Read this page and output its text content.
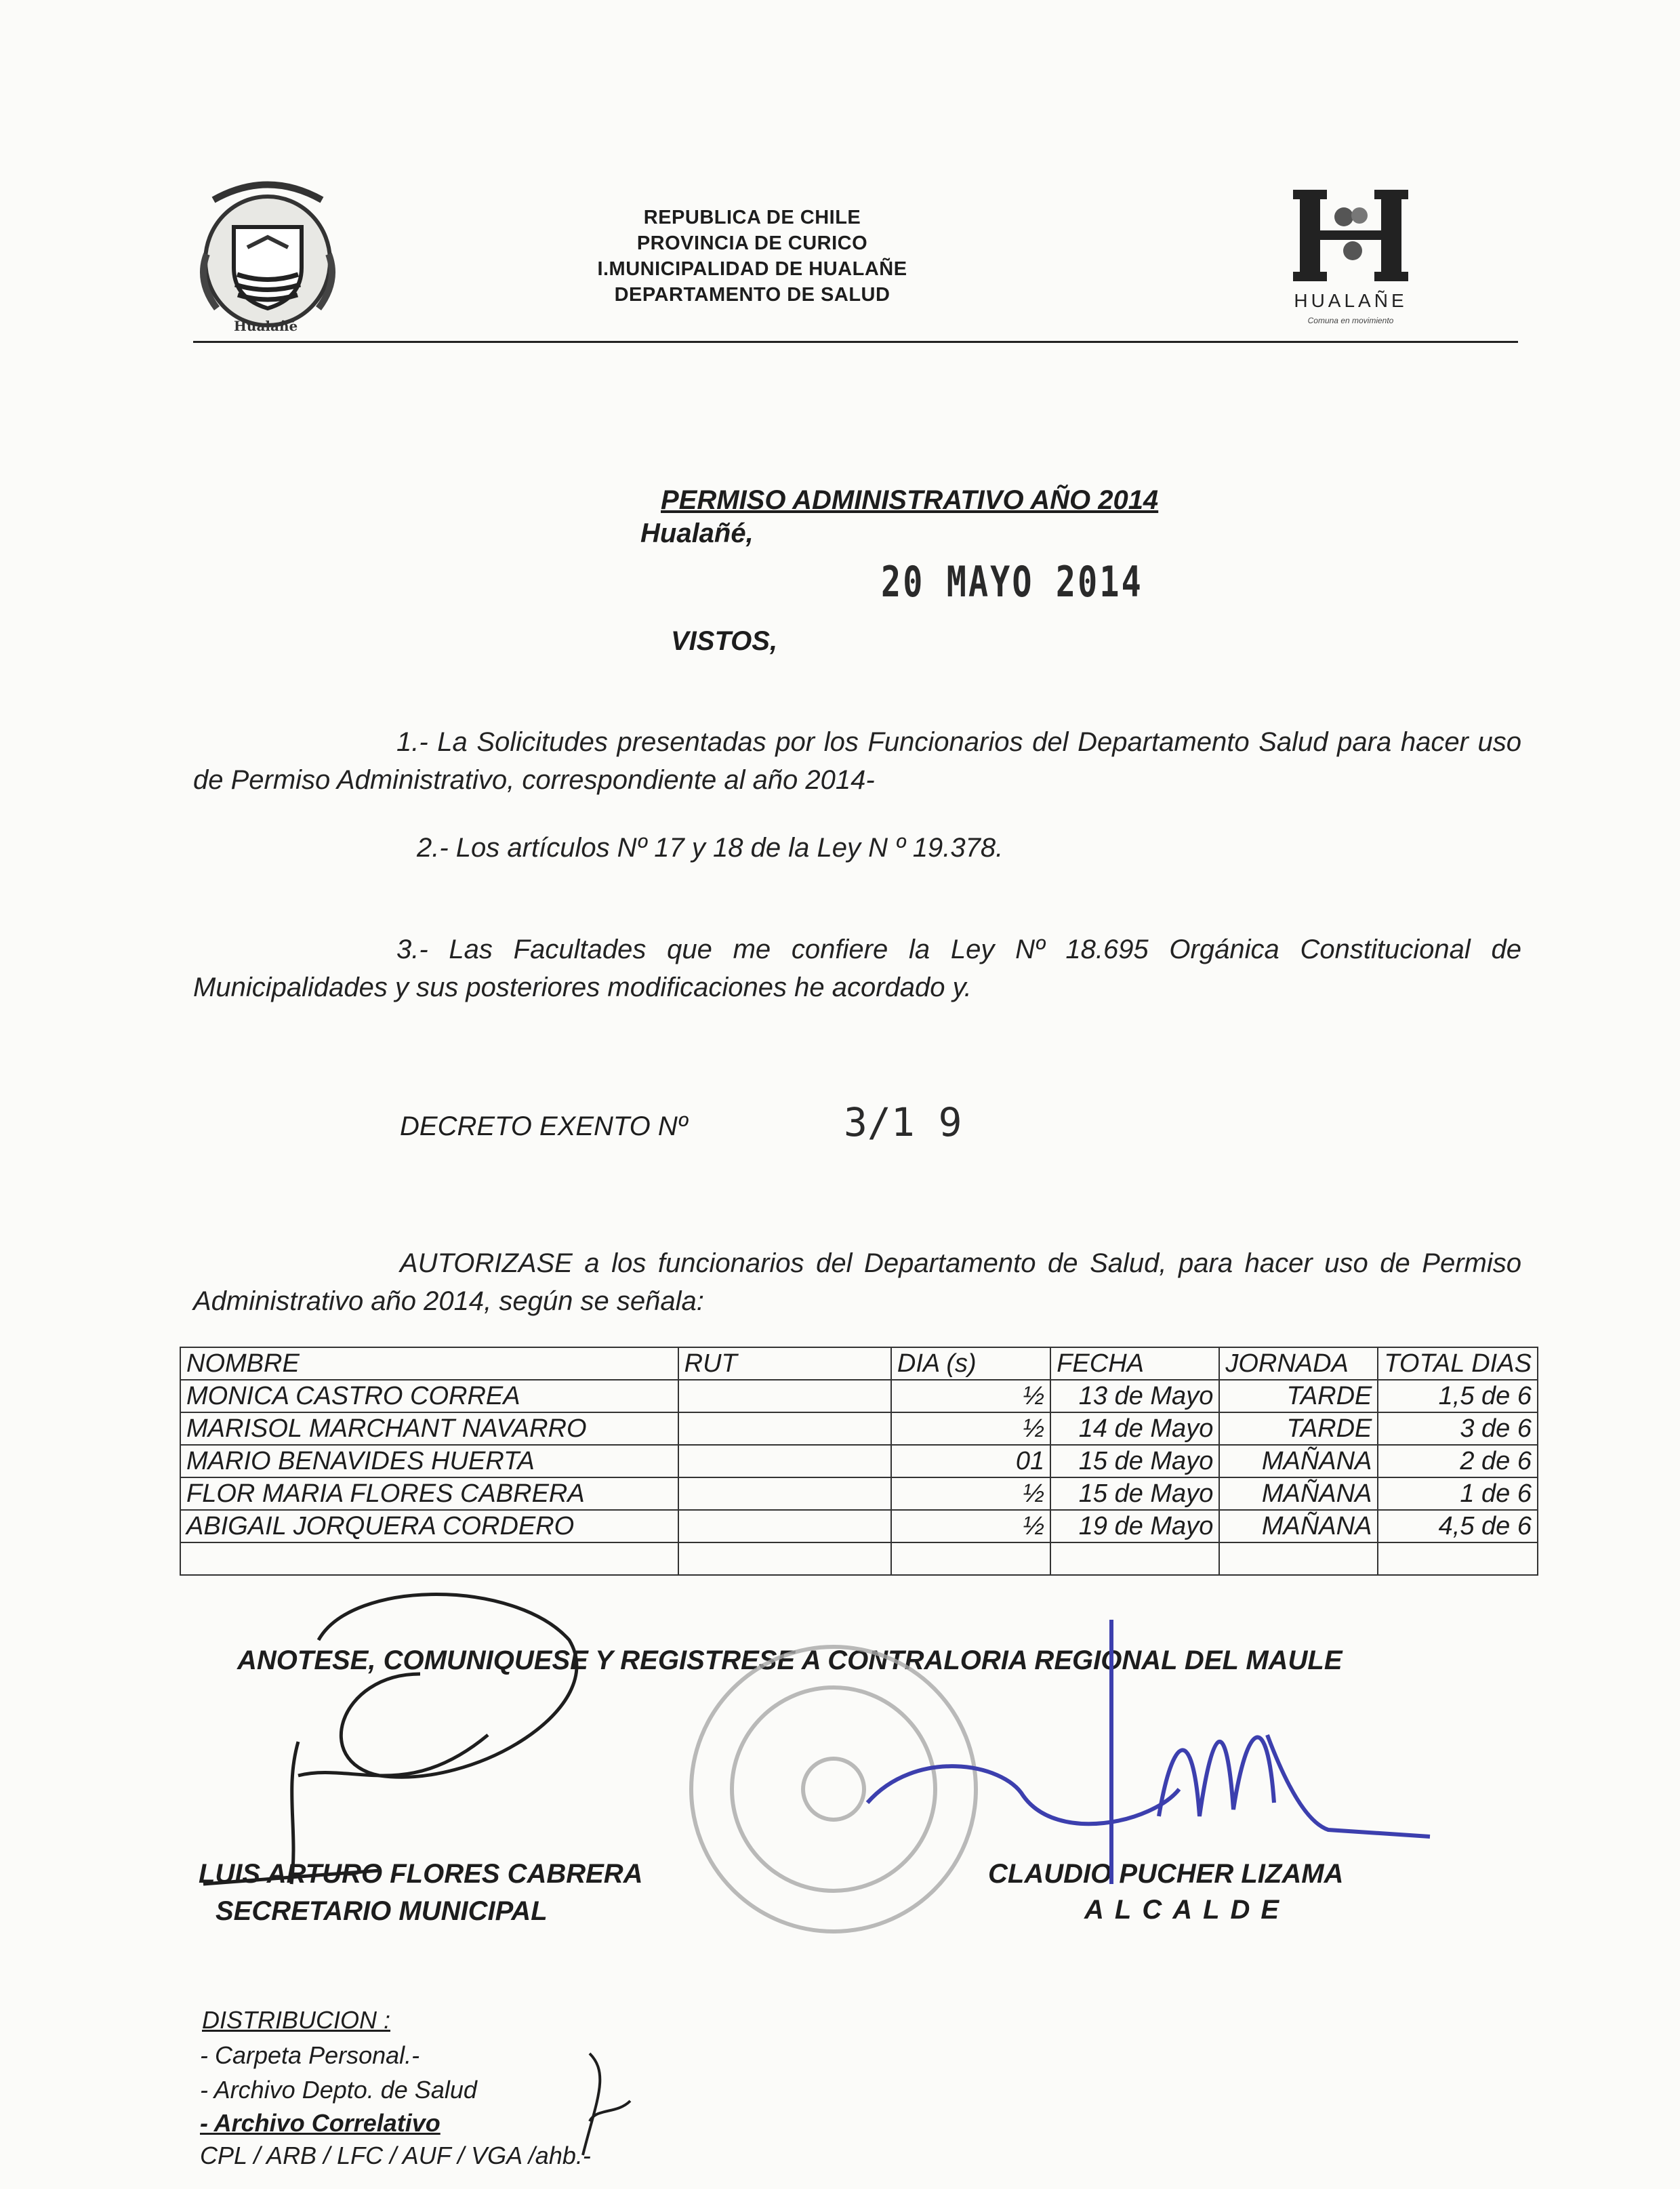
Hualañé
REPUBLICA DE CHILE
PROVINCIA DE CURICO
I.MUNICIPALIDAD DE HUALAÑE
DEPARTAMENTO DE SALUD	HUALAÑE
Comuna en movimiento
PERMISO ADMINISTRATIVO AÑO 2014
Hualañé,
20 MAYO 2014
VISTOS,
1.- La Solicitudes presentadas por los Funcionarios del Departamento Salud para hacer uso de Permiso Administrativo, correspondiente al año 2014-
2.- Los artículos Nº 17 y 18 de la Ley N º 19.378.
3.- Las Facultades que me confiere la Ley Nº 18.695 Orgánica Constitucional de Municipalidades y sus posteriores modificaciones he acordado y.
DECRETO EXENTO Nº	3/1 9
AUTORIZASE a los funcionarios del Departamento de Salud, para hacer uso de Permiso Administrativo año 2014, según se señala:
NOMBRE	RUT	DIA (s)	FECHA	JORNADA	TOTAL DIAS
MONICA CASTRO CORREA		½	13 de Mayo	TARDE	1,5 de 6
MARISOL MARCHANT NAVARRO		½	14 de Mayo	TARDE	3 de 6
MARIO BENAVIDES HUERTA		01	15 de Mayo	MAÑANA	2 de 6
FLOR MARIA FLORES CABRERA		½	15 de Mayo	MAÑANA	1 de 6
ABIGAIL JORQUERA CORDERO		½	19 de Mayo	MAÑANA	4,5 de 6

ANOTESE, COMUNIQUESE Y REGISTRESE A CONTRALORIA REGIONAL DEL MAULE
LUIS ARTURO FLORES CABRERA
SECRETARIO MUNICIPAL
CLAUDIO PUCHER LIZAMA
ALCALDE
DISTRIBUCION :
- Carpeta Personal.-
- Archivo Depto. de Salud
- Archivo Correlativo
CPL / ARB / LFC / AUF / VGA /ahb.-
